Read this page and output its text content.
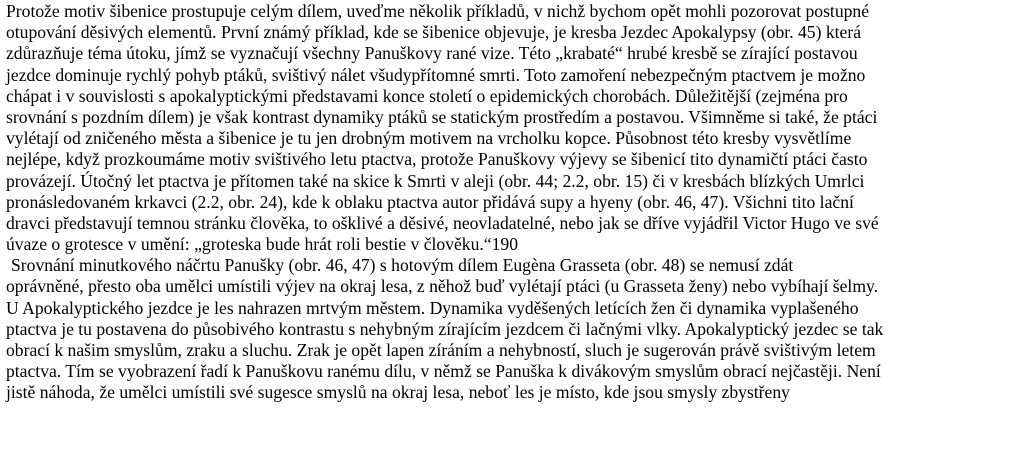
Protože motiv šibenice prostupuje celým dílem, uveďme několik příkladů, v nichž bychom opět mohli pozorovat postupné
otupování děsivých elementů. První známý příklad, kde se šibenice objevuje, je kresba Jezdec Apokalypsy (obr. 45) která
zdůrazňuje téma útoku, jímž se vyznačují všechny Panuškovy rané vize. Této „krabaté“ hrubé kresbě se zírající postavou
jezdce dominuje rychlý pohyb ptáků, svištivý nálet všudypřítomné smrti. Toto zamoření nebezpečným ptactvem je možno
chápat i v souvislosti s apokalyptickými představami konce století o epidemických chorobách. Důležitější (zejména pro
srovnání s pozdním dílem) je však kontrast dynamiky ptáků se statickým prostředím a postavou. Všimněme si také, že ptáci
vylétají od zničeného města a šibenice je tu jen drobným motivem na vrcholku kopce. Působnost této kresby vysvětlíme
nejlépe, když prozkoumáme motiv svištivého letu ptactva, protože Panuškovy výjevy se šibenicí tito dynamičtí ptáci často
provázejí. Útočný let ptactva je přítomen také na skice k Smrti v aleji (obr. 44; 2.2, obr. 15) či v kresbách blízkých Umrlci
pronásledovaném krkavci (2.2, obr. 24), kde k oblaku ptactva autor přidává supy a hyeny (obr. 46, 47). Všichni tito lační
dravci představují temnou stránku člověka, to ošklivé a děsivé, neovladatelné, nebo jak se dříve vyjádřil Victor Hugo ve své
úvaze o grotesce v umění: „groteska bude hrát roli bestie v člověku.“190
Srovnání minutkového náčrtu Panušky (obr. 46, 47) s hotovým dílem Eugèna Grasseta (obr. 48) se nemusí zdát
oprávněné, přesto oba umělci umístili výjev na okraj lesa, z něhož buď vylétají ptáci (u Grasseta ženy) nebo vybíhají šelmy.
U Apokalyptického jezdce je les nahrazen mrtvým městem. Dynamika vyděšených letících žen či dynamika vyplašeného
ptactva je tu postavena do působivého kontrastu s nehybným zírajícím jezdcem či lačnými vlky. Apokalyptický jezdec se tak
obrací k našim smyslům, zraku a sluchu. Zrak je opět lapen zíráním a nehybností, sluch je sugerován právě svištivým letem
ptactva. Tím se vyobrazení řadí k Panuškovu ranému dílu, v němž se Panuška k divákovým smyslům obrací nejčastěji. Není
jistě náhoda, že umělci umístili své sugesce smyslů na okraj lesa, neboť les je místo, kde jsou smysly zbystřeny
